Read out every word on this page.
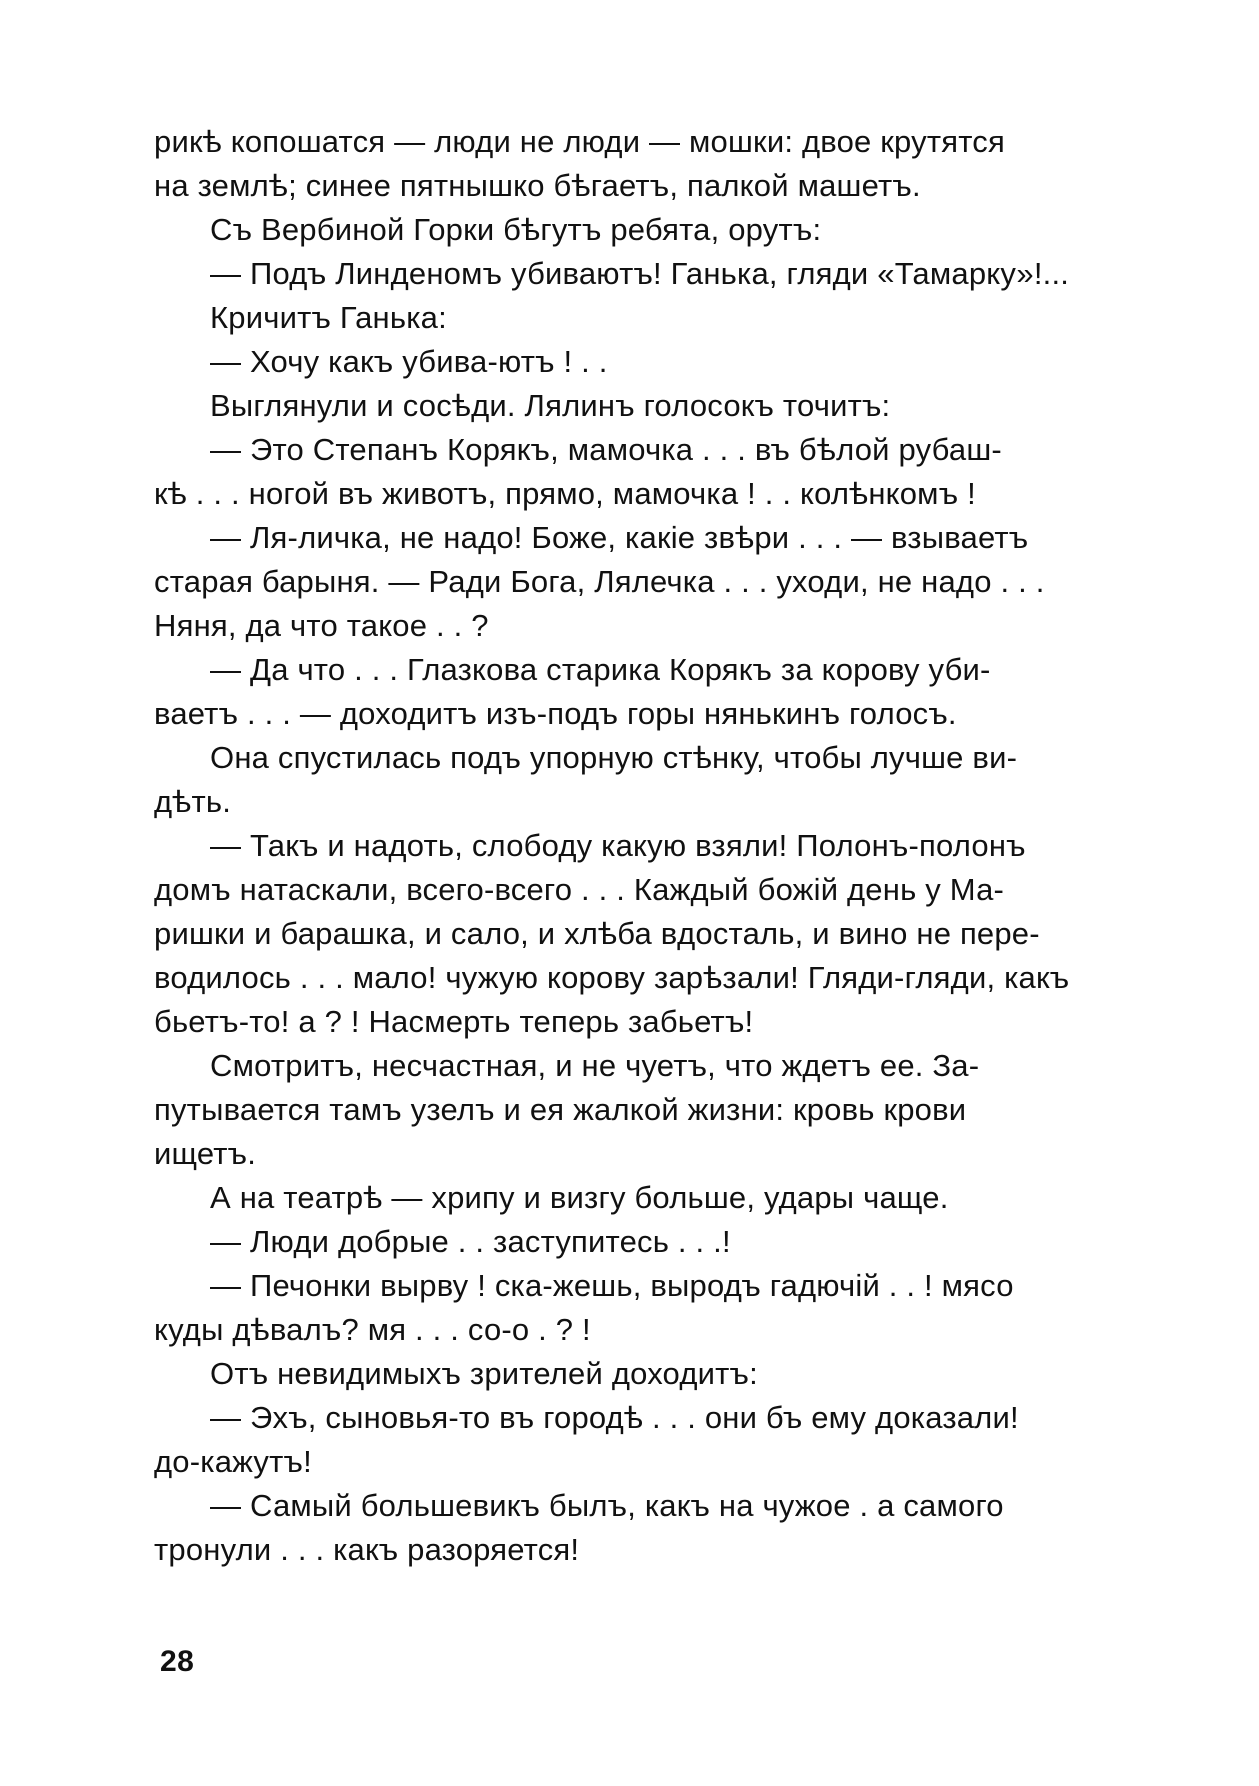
рикѣ копошатся — люди не люди — мошки: двое крутятся
на землѣ; синее пятнышко бѣгаетъ, палкой машетъ.
Съ Вербиной Горки бѣгутъ ребята, орутъ:
— Подъ Линденомъ убиваютъ! Ганька, гляди «Тамарку»!...
Кричитъ Ганька:
— Хочу какъ убива-ютъ ! . .
Выглянули и сосѣди. Лялинъ голосокъ точитъ:
— Это Степанъ Корякъ, мамочка . . . въ бѣлой рубаш-
кѣ . . . ногой въ животъ, прямо, мамочка ! . . колѣнкомъ !
— Ля-личка, не надо! Боже, какіе звѣри . . . — взываетъ
старая барыня. — Ради Бога, Лялечка . . . уходи, не надо . . .
Няня, да что такое . . ?
— Да что . . . Глазкова старика Корякъ за корову уби-
ваетъ . . . — доходитъ изъ-подъ горы нянькинъ голосъ.
Она спустилась подъ упорную стѣнку, чтобы лучше ви-
дѣть.
— Такъ и надоть, слободу какую взяли! Полонъ-полонъ
домъ натаскали, всего-всего . . . Каждый божій день у Ма-
ришки и барашка, и сало, и хлѣба вдосталь, и вино не пере-
водилось . . . мало! чужую корову зарѣзали! Гляди-гляди, какъ
бьетъ-то! а ? ! Насмерть теперь забьетъ!
Смотритъ, несчастная, и не чуетъ, что ждетъ ее. За-
путывается тамъ узелъ и ея жалкой жизни: кровь крови
ищетъ.
А на театрѣ — хрипу и визгу больше, удары чаще.
— Люди добрые . . заступитесь . . .!
— Печонки вырву ! ска-жешь, выродъ гадючій . . ! мясо
куды дѣвалъ? мя . . . со-о . ? !
Отъ невидимыхъ зрителей доходитъ:
— Эхъ, сыновья-то въ городѣ . . . они бъ ему доказали!
до-кажутъ!
— Самый большевикъ былъ, какъ на чужое . а самого
тронули . . . какъ разоряется!
28
